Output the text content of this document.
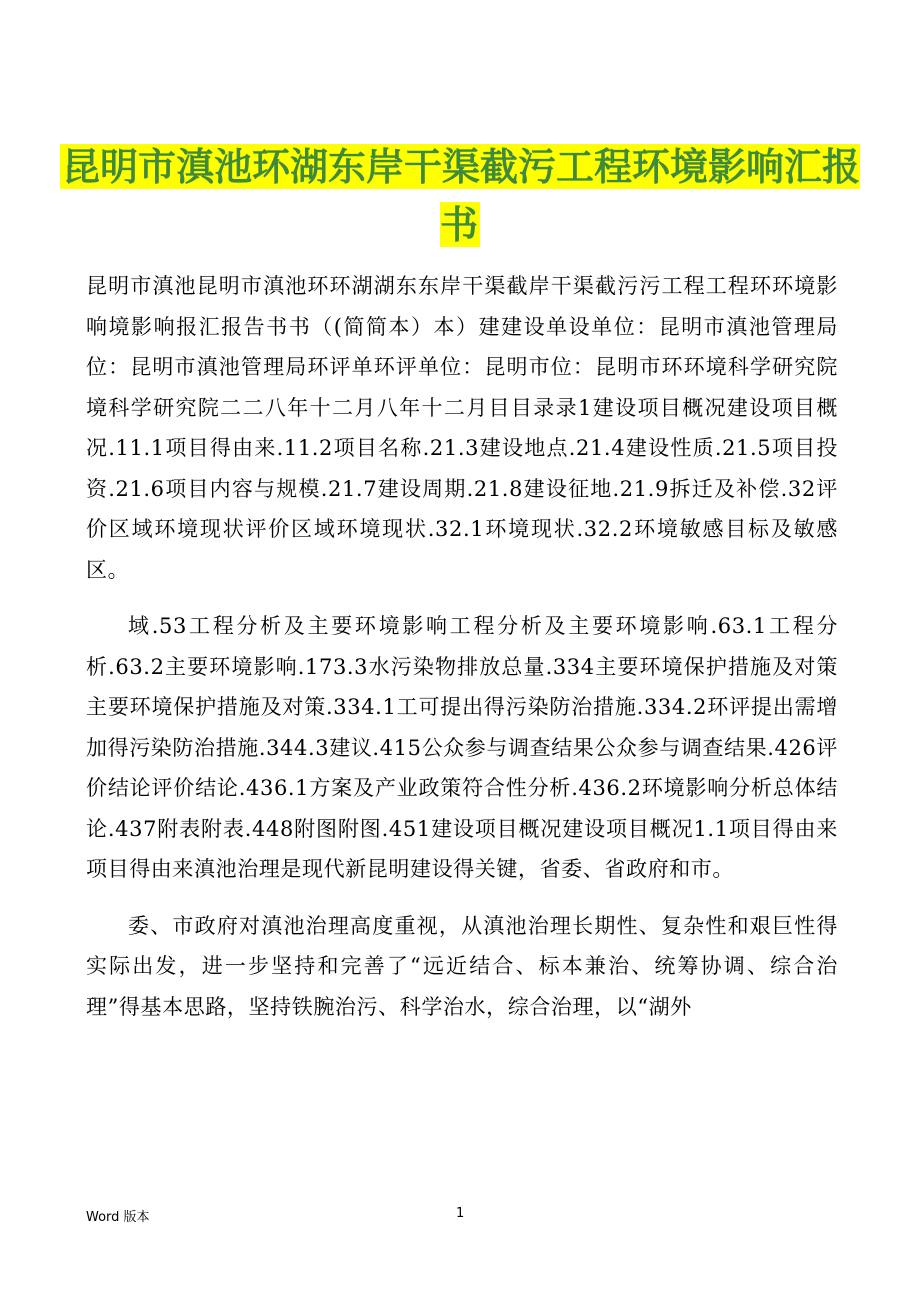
昆明市滇池环湖东岸干渠截污工程环境影响汇报书

昆明市滇池昆明市滇池环环湖湖东东岸干渠截岸干渠截污污工程工程环环境影响境影响报汇报告书书（(简简本）本）建建设单设单位：昆明市滇池管理局位：昆明市滇池管理局环评单环评单位：昆明市位：昆明市环环境科学研究院境科学研究院二二八年十二月八年十二月目目录录1建设项目概况建设项目概况.11.1项目得由来.11.2项目名称.21.3建设地点.21.4建设性质.21.5项目投资.21.6项目内容与规模.21.7建设周期.21.8建设征地.21.9拆迁及补偿.32评价区域环境现状评价区域环境现状.32.1环境现状.32.2环境敏感目标及敏感区。

域.53工程分析及主要环境影响工程分析及主要环境影响.63.1工程分析.63.2主要环境影响.173.3水污染物排放总量.334主要环境保护措施及对策主要环境保护措施及对策.334.1工可提出得污染防治措施.334.2环评提出需增加得污染防治措施.344.3建议.415公众参与调查结果公众参与调查结果.426评价结论评价结论.436.1方案及产业政策符合性分析.436.2环境影响分析总体结论.437附表附表.448附图附图.451建设项目概况建设项目概况1.1项目得由来项目得由来滇池治理是现代新昆明建设得关键，省委、省政府和市。

委、市政府对滇池治理高度重视，从滇池治理长期性、复杂性和艰巨性得实际出发，进一步坚持和完善了“远近结合、标本兼治、统筹协调、综合治理”得基本思路，坚持铁腕治污、科学治水，综合治理，以“湖外

Word 版本	1
